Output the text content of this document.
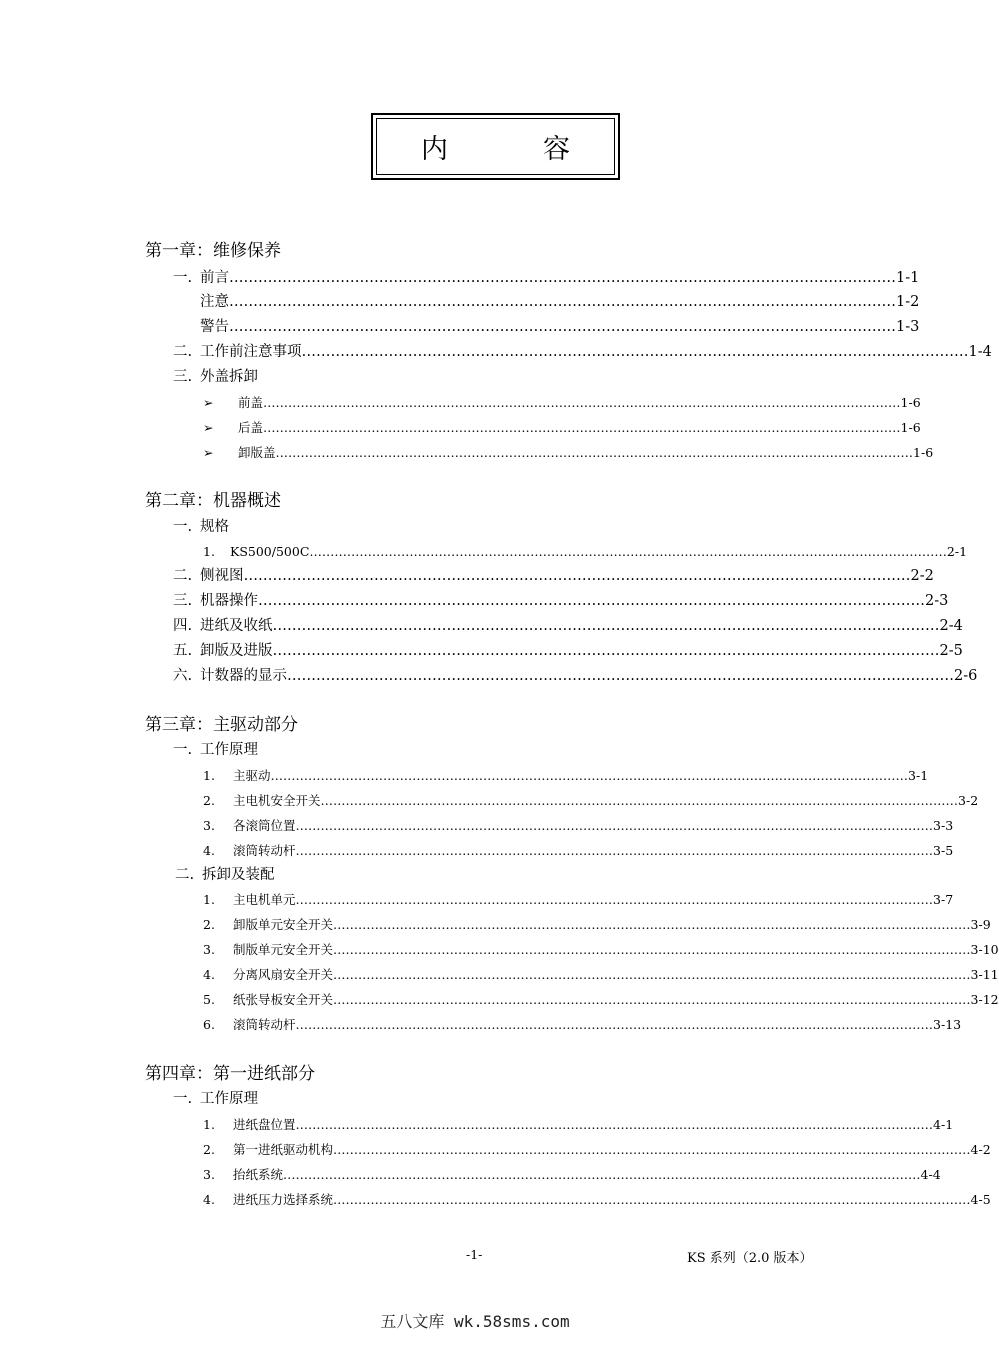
内	容
第一章：维修保养
一. 前言 ………………………………………………………………………………………………………………………… 1-1
注意 ………………………………………………………………………………………………………………………… 1-2
警告 ………………………………………………………………………………………………………………………… 1-3
二. 工作前注意事项 ………………………………………………………………………………………………………………………… 1-4
三. 外盖拆卸
➢ 前盖 ……………………………………………………………………………………………………………………………………… 1-6
➢ 后盖 ……………………………………………………………………………………………………………………………………… 1-6
➢ 卸版盖 ……………………………………………………………………………………………………………………………………… 1-6
第二章：机器概述
一. 规格
1. KS500/500C ……………………………………………………………………………………………………………………………………… 2-1
二. 侧视图 ………………………………………………………………………………………………………………………… 2-2
三. 机器操作 ………………………………………………………………………………………………………………………… 2-3
四. 进纸及收纸 ………………………………………………………………………………………………………………………… 2-4
五. 卸版及进版 ………………………………………………………………………………………………………………………… 2-5
六. 计数器的显示 ………………………………………………………………………………………………………………………… 2-6
第三章：主驱动部分
一. 工作原理
1. 主驱动 ……………………………………………………………………………………………………………………………………… 3-1
2. 主电机安全开关 ……………………………………………………………………………………………………………………………………… 3-2
3. 各滚筒位置 ……………………………………………………………………………………………………………………………………… 3-3
4. 滚筒转动杆 ……………………………………………………………………………………………………………………………………… 3-5
二. 拆卸及装配
1. 主电机单元 ……………………………………………………………………………………………………………………………………… 3-7
2. 卸版单元安全开关 ……………………………………………………………………………………………………………………………………… 3-9
3. 制版单元安全开关 ……………………………………………………………………………………………………………………………………… 3-10
4. 分离风扇安全开关 ……………………………………………………………………………………………………………………………………… 3-11
5. 纸张导板安全开关 ……………………………………………………………………………………………………………………………………… 3-12
6. 滚筒转动杆 ……………………………………………………………………………………………………………………………………… 3-13
第四章：第一进纸部分
一. 工作原理
1. 进纸盘位置 ……………………………………………………………………………………………………………………………………… 4-1
2. 第一进纸驱动机构 ……………………………………………………………………………………………………………………………………… 4-2
3. 抬纸系统 ……………………………………………………………………………………………………………………………………… 4-4
4. 进纸压力选择系统 ……………………………………………………………………………………………………………………………………… 4-5
-1-	KS 系列（2.0 版本）
五八文库 wk.58sms.com
